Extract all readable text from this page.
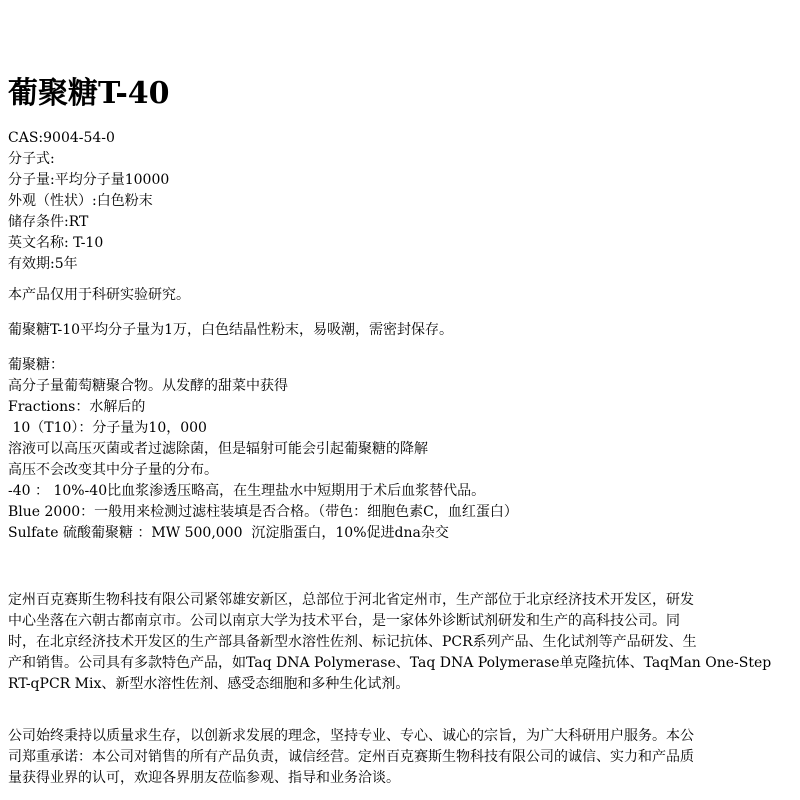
葡聚糖T-40
CAS:9004-54-0
分子式:
分子量:平均分子量10000
外观（性状）:白色粉末
储存条件:RT
英文名称: T-10
有效期:5年

本产品仅用于科研实验研究。

葡聚糖T-10平均分子量为1万，白色结晶性粉末，易吸潮，需密封保存。

葡聚糖：
高分子量葡萄糖聚合物。从发酵的甜菜中获得
Fractions：水解后的
10（T10）：分子量为10，000
溶液可以高压灭菌或者过滤除菌，但是辐射可能会引起葡聚糖的降解
高压不会改变其中分子量的分布。
-40 ： 10%-40比血浆渗透压略高，在生理盐水中短期用于术后血浆替代品。
Blue 2000：一般用来检测过滤柱装填是否合格。（带色：细胞色素C，血红蛋白）
Sulfate 硫酸葡聚糖 ：MW 500,000  沉淀脂蛋白，10%促进dna杂交
定州百克赛斯生物科技有限公司紧邻雄安新区，总部位于河北省定州市，生产部位于北京经济技术开发区，研发
中心坐落在六朝古都南京市。公司以南京大学为技术平台，是一家体外诊断试剂研发和生产的高科技公司。同
时，在北京经济技术开发区的生产部具备新型水溶性佐剂、标记抗体、PCR系列产品、生化试剂等产品研发、生
产和销售。公司具有多款特色产品，如Taq DNA Polymerase、Taq DNA Polymerase单克隆抗体、TaqMan One-Step
RT-qPCR Mix、新型水溶性佐剂、感受态细胞和多种生化试剂。
公司始终秉持以质量求生存，以创新求发展的理念，坚持专业、专心、诚心的宗旨，为广大科研用户服务。本公
司郑重承诺：本公司对销售的所有产品负责，诚信经营。定州百克赛斯生物科技有限公司的诚信、实力和产品质
量获得业界的认可，欢迎各界朋友莅临参观、指导和业务洽谈。
